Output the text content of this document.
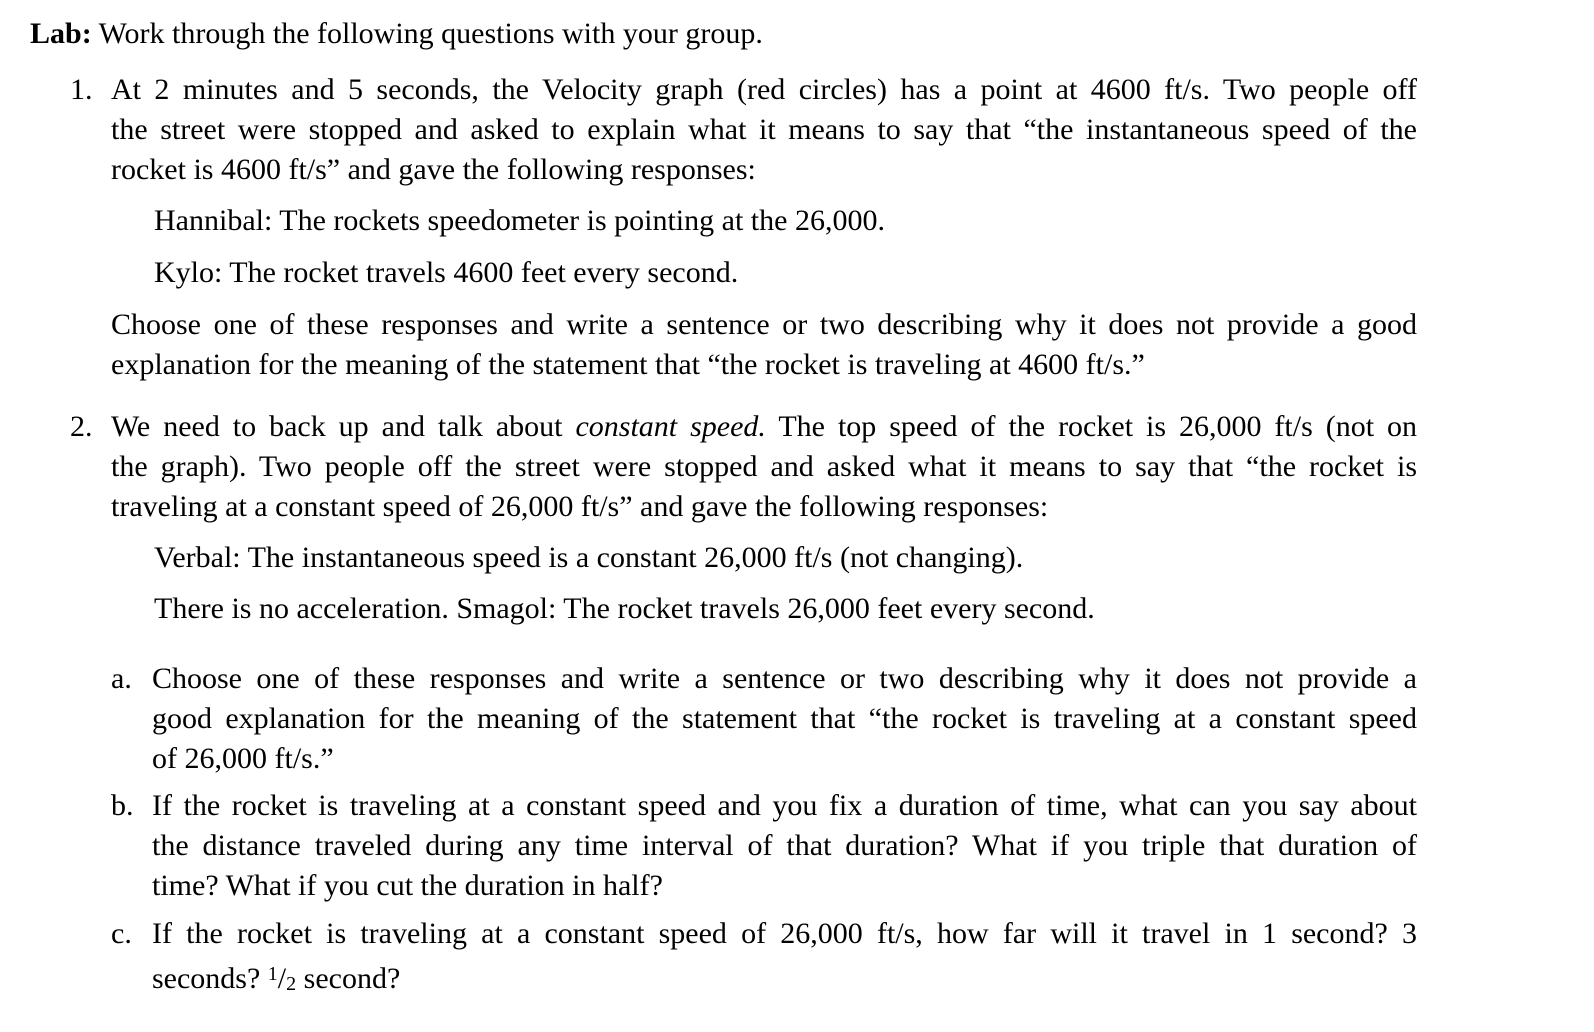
Lab: Work through the following questions with your group.
1. At 2 minutes and 5 seconds, the Velocity graph (red circles) has a point at 4600 ft/s. Two people off
the street were stopped and asked to explain what it means to say that “the instantaneous speed of the
rocket is 4600 ft/s” and gave the following responses:
Hannibal: The rockets speedometer is pointing at the 26,000.
Kylo: The rocket travels 4600 feet every second.
Choose one of these responses and write a sentence or two describing why it does not provide a good
explanation for the meaning of the statement that “the rocket is traveling at 4600 ft/s.”
2. We need to back up and talk about constant speed. The top speed of the rocket is 26,000 ft/s (not on
the graph). Two people off the street were stopped and asked what it means to say that “the rocket is
traveling at a constant speed of 26,000 ft/s” and gave the following responses:
Verbal: The instantaneous speed is a constant 26,000 ft/s (not changing).
There is no acceleration. Smagol: The rocket travels 26,000 feet every second.
a. Choose one of these responses and write a sentence or two describing why it does not provide a
good explanation for the meaning of the statement that “the rocket is traveling at a constant speed
of 26,000 ft/s.”
b. If the rocket is traveling at a constant speed and you fix a duration of time, what can you say about
the distance traveled during any time interval of that duration? What if you triple that duration of
time? What if you cut the duration in half?
c. If the rocket is traveling at a constant speed of 26,000 ft/s, how far will it travel in 1 second? 3
seconds? $^1$/2 second?
